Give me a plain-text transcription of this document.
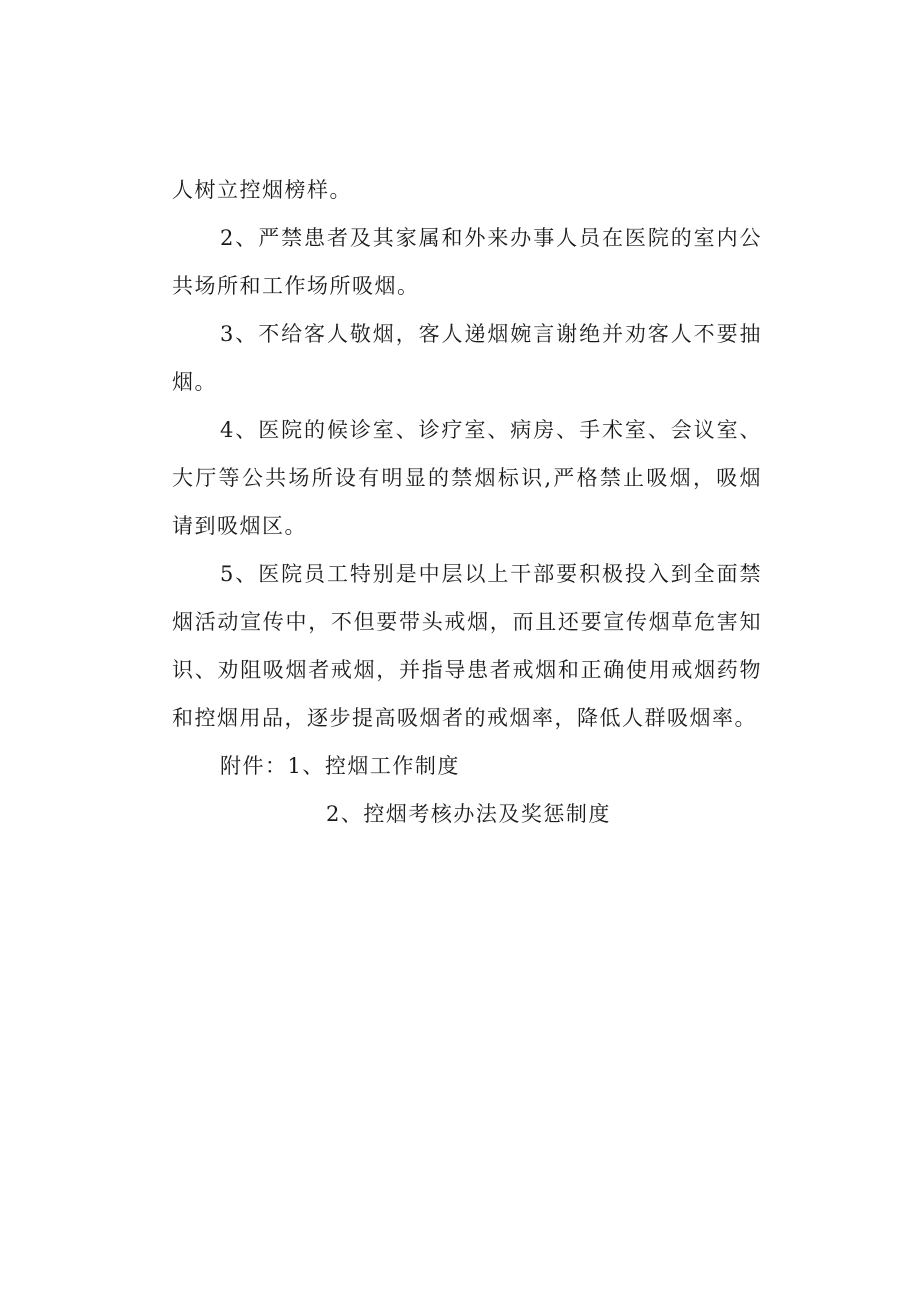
人树立控烟榜样。

2、严禁患者及其家属和外来办事人员在医院的室内公共场所和工作场所吸烟。

3、不给客人敬烟，客人递烟婉言谢绝并劝客人不要抽烟。

4、医院的候诊室、诊疗室、病房、手术室、会议室、大厅等公共场所设有明显的禁烟标识,严格禁止吸烟，吸烟请到吸烟区。

5、医院员工特别是中层以上干部要积极投入到全面禁烟活动宣传中，不但要带头戒烟，而且还要宣传烟草危害知识、劝阻吸烟者戒烟，并指导患者戒烟和正确使用戒烟药物和控烟用品，逐步提高吸烟者的戒烟率，降低人群吸烟率。

附件：1、控烟工作制度

2、控烟考核办法及奖惩制度
